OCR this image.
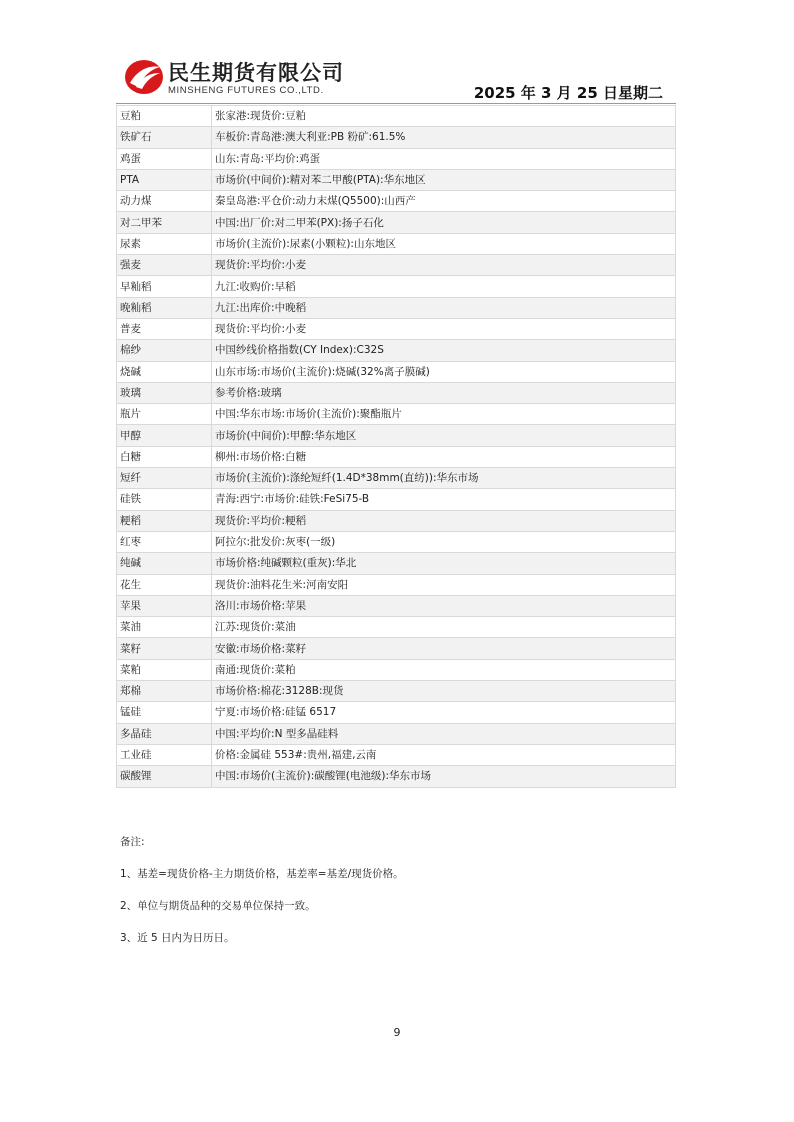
民生期货有限公司
MINSHENG FUTURES CO.,LTD.	2025 年 3 月 25 日星期二
豆粕	张家港:现货价:豆粕
铁矿石	车板价:青岛港:澳大利亚:PB 粉矿:61.5%
鸡蛋	山东:青岛:平均价:鸡蛋
PTA	市场价(中间价):精对苯二甲酸(PTA):华东地区
动力煤	秦皇岛港:平仓价:动力末煤(Q5500):山西产
对二甲苯	中国:出厂价:对二甲苯(PX):扬子石化
尿素	市场价(主流价):尿素(小颗粒):山东地区
强麦	现货价:平均价:小麦
早籼稻	九江:收购价:早稻
晚籼稻	九江:出库价:中晚稻
普麦	现货价:平均价:小麦
棉纱	中国纱线价格指数(CY Index):C32S
烧碱	山东市场:市场价(主流价):烧碱(32%离子膜碱)
玻璃	参考价格:玻璃
瓶片	中国:华东市场:市场价(主流价):聚酯瓶片
甲醇	市场价(中间价):甲醇:华东地区
白糖	柳州:市场价格:白糖
短纤	市场价(主流价):涤纶短纤(1.4D*38mm(直纺)):华东市场
硅铁	青海:西宁:市场价:硅铁:FeSi75-B
粳稻	现货价:平均价:粳稻
红枣	阿拉尔:批发价:灰枣(一级)
纯碱	市场价格:纯碱颗粒(重灰):华北
花生	现货价:油料花生米:河南安阳
苹果	洛川:市场价格:苹果
菜油	江苏:现货价:菜油
菜籽	安徽:市场价格:菜籽
菜粕	南通:现货价:菜粕
郑棉	市场价格:棉花:3128B:现货
锰硅	宁夏:市场价格:硅锰 6517
多晶硅	中国:平均价:N 型多晶硅料
工业硅	价格:金属硅 553#:贵州,福建,云南
碳酸锂	中国:市场价(主流价):碳酸锂(电池级):华东市场

备注:

1、基差=现货价格-主力期货价格，基差率=基差/现货价格。

2、单位与期货品种的交易单位保持一致。

3、近 5 日内为日历日。

9
